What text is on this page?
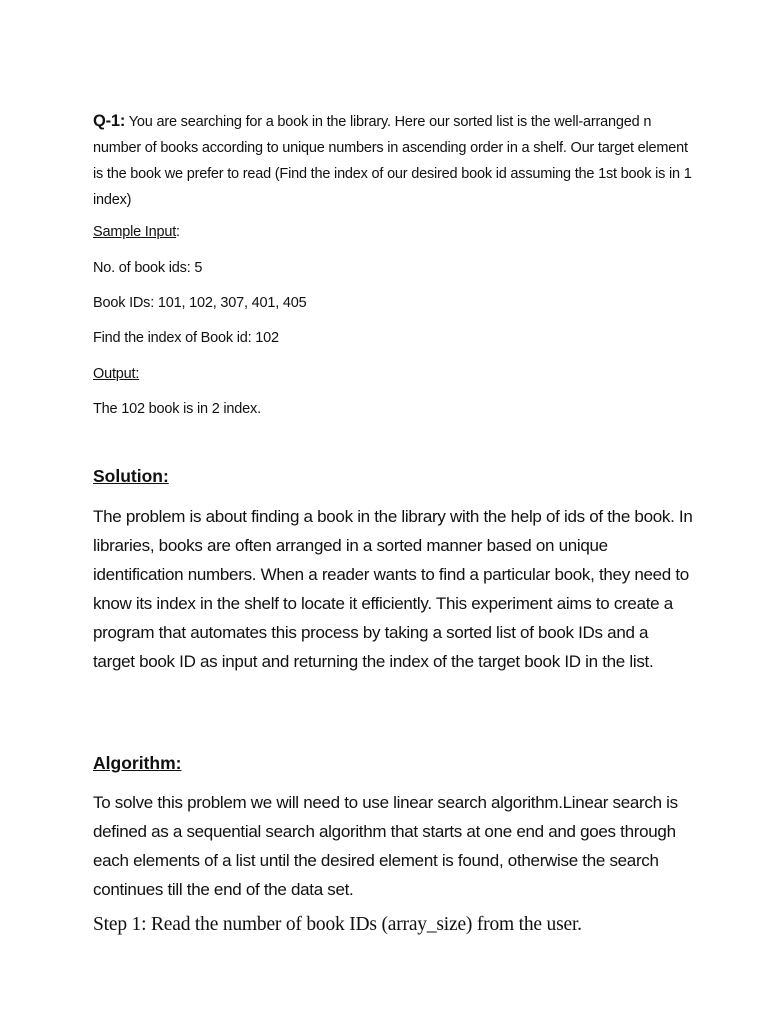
Q-1: You are searching for a book in the library. Here our sorted list is the well-arranged n number of books according to unique numbers in ascending order in a shelf. Our target element is the book we prefer to read (Find the index of our desired book id assuming the 1st book is in 1 index)

Sample Input:

No. of book ids: 5

Book IDs: 101, 102, 307, 401, 405

Find the index of Book id: 102

Output:

The 102 book is in 2 index.

Solution:

The problem is about finding a book in the library with the help of ids of the book. In libraries, books are often arranged in a sorted manner based on unique identification numbers. When a reader wants to find a particular book, they need to know its index in the shelf to locate it efficiently. This experiment aims to create a program that automates this process by taking a sorted list of book IDs and a target book ID as input and returning the index of the target book ID in the list.

Algorithm:

To solve this problem we will need to use linear search algorithm.Linear search is defined as a sequential search algorithm that starts at one end and goes through each elements of a list until the desired element is found, otherwise the search continues till the end of the data set.

Step 1: Read the number of book IDs (array_size) from the user.
